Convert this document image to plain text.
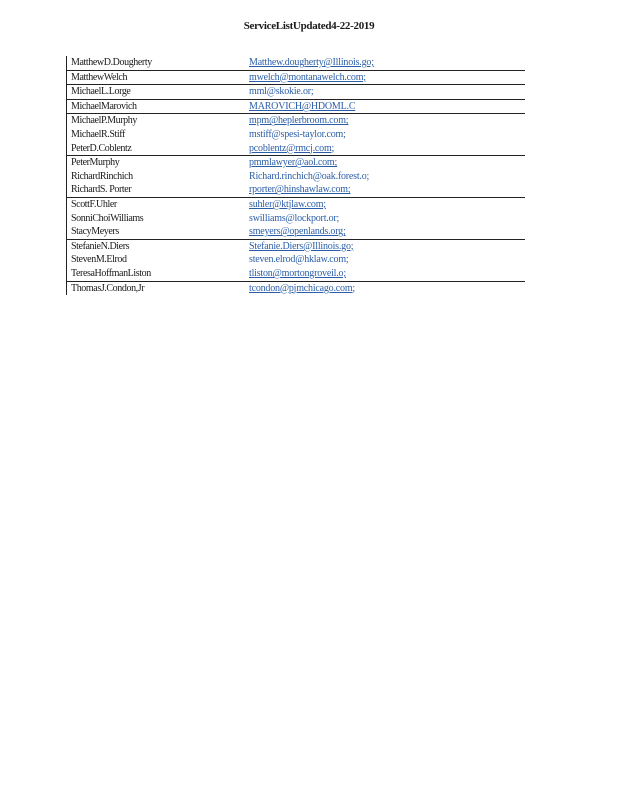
ServiceListUpdated4-22-2019
MatthewD.Dougherty	Matthew.dougherty@Illinois.go;
MatthewWelch	mwelch@montanawelch.com;
MichaelL.Lorge	mml@skokie.or;
MichaelMarovich	MAROVICH@HDOML.C
MichaelP.Murphy	mpm@heplerbroom.com;
MichaelR.Stiff	mstiff@spesi-taylor.com;
PeterD.Coblentz	pcoblentz@rmcj.com;
PeterMurphy	pmmlawyer@aol.com;
RichardRinchich	Richard.rinchich@oak.forest.o;
RichardS. Porter	rporter@hinshawlaw.com;
ScottF.Uhler	suhler@ktjlaw.com;
SonniChoiWilliams	swilliams@lockport.or;
StacyMeyers	smeyers@openlands.org;
StefanieN.Diers	Stefanie.Diers@Illinois.go;
StevenM.Elrod	steven.elrod@hklaw.com;
TeresaHoffmanListon	tliston@mortongroveil.o;
ThomasJ.Condon,Jr	tcondon@pjmchicago.com;
